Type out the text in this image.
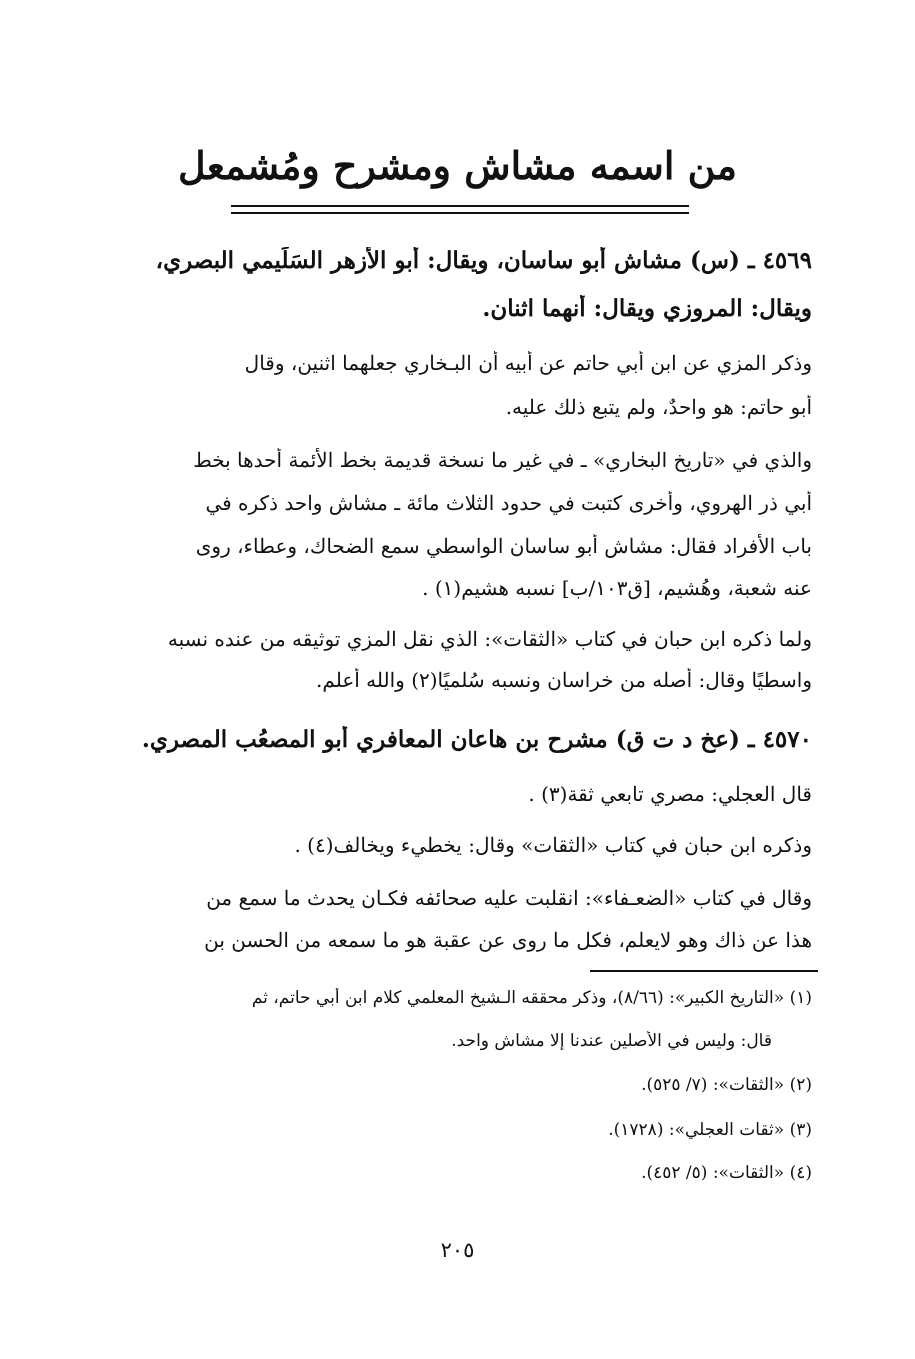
من اسمه مشاش ومشرح ومُشمعل
٤٥٦٩ ـ (س) مشاش أبو ساسان، ويقال: أبو الأزهر السَلَيمي البصري،
ويقال: المروزي ويقال: أنهما اثنان.
وذكر المزي عن ابن أبي حاتم عن أبيه أن البـخاري جعلهما اثنين، وقال
أبو حاتم: هو واحدٌ، ولم يتبع ذلك عليه.
والذي في «تاريخ البخاري» ـ في غير ما نسخة قديمة بخط الأئمة أحدها بخط
أبي ذر الهروي، وأخرى كتبت في حدود الثلاث مائة ـ مشاش واحد ذكره في
باب الأفراد فقال: مشاش أبو ساسان الواسطي سمع الضحاك، وعطاء، روى
عنه شعبة، وهُشيم، [ق١٠٣/ب] نسبه هشيم(١) .
ولما ذكره ابن حبان في كتاب «الثقات»: الذي نقل المزي توثيقه من عنده نسبه
واسطيًا وقال: أصله من خراسان ونسبه سُلميًا(٢) والله أعلم.
٤٥٧٠ ـ (عخ د ت ق) مشرح بن هاعان المعافري أبو المصعُب المصري.
قال العجلي: مصري تابعي ثقة(٣) .
وذكره ابن حبان في كتاب «الثقات» وقال: يخطيء ويخالف(٤) .
وقال في كتاب «الضعـفاء»: انقلبت عليه صحائفه فكـان يحدث ما سمع من
هذا عن ذاك وهو لايعلم، فكل ما روى عن عقبة هو ما سمعه من الحسن بن
(١) «التاريخ الكبير»: (٨/٦٦)، وذكر محققه الـشيخ المعلمي كلام ابن أبي حاتم، ثم
قال: وليس في الأصلين عندنا إلا مشاش واحد.
(٢) «الثقات»: (٧/ ٥٢٥).
(٣) «ثقات العجلي»: (١٧٢٨).
(٤) «الثقات»: (٥/ ٤٥٢).
٢٠٥
